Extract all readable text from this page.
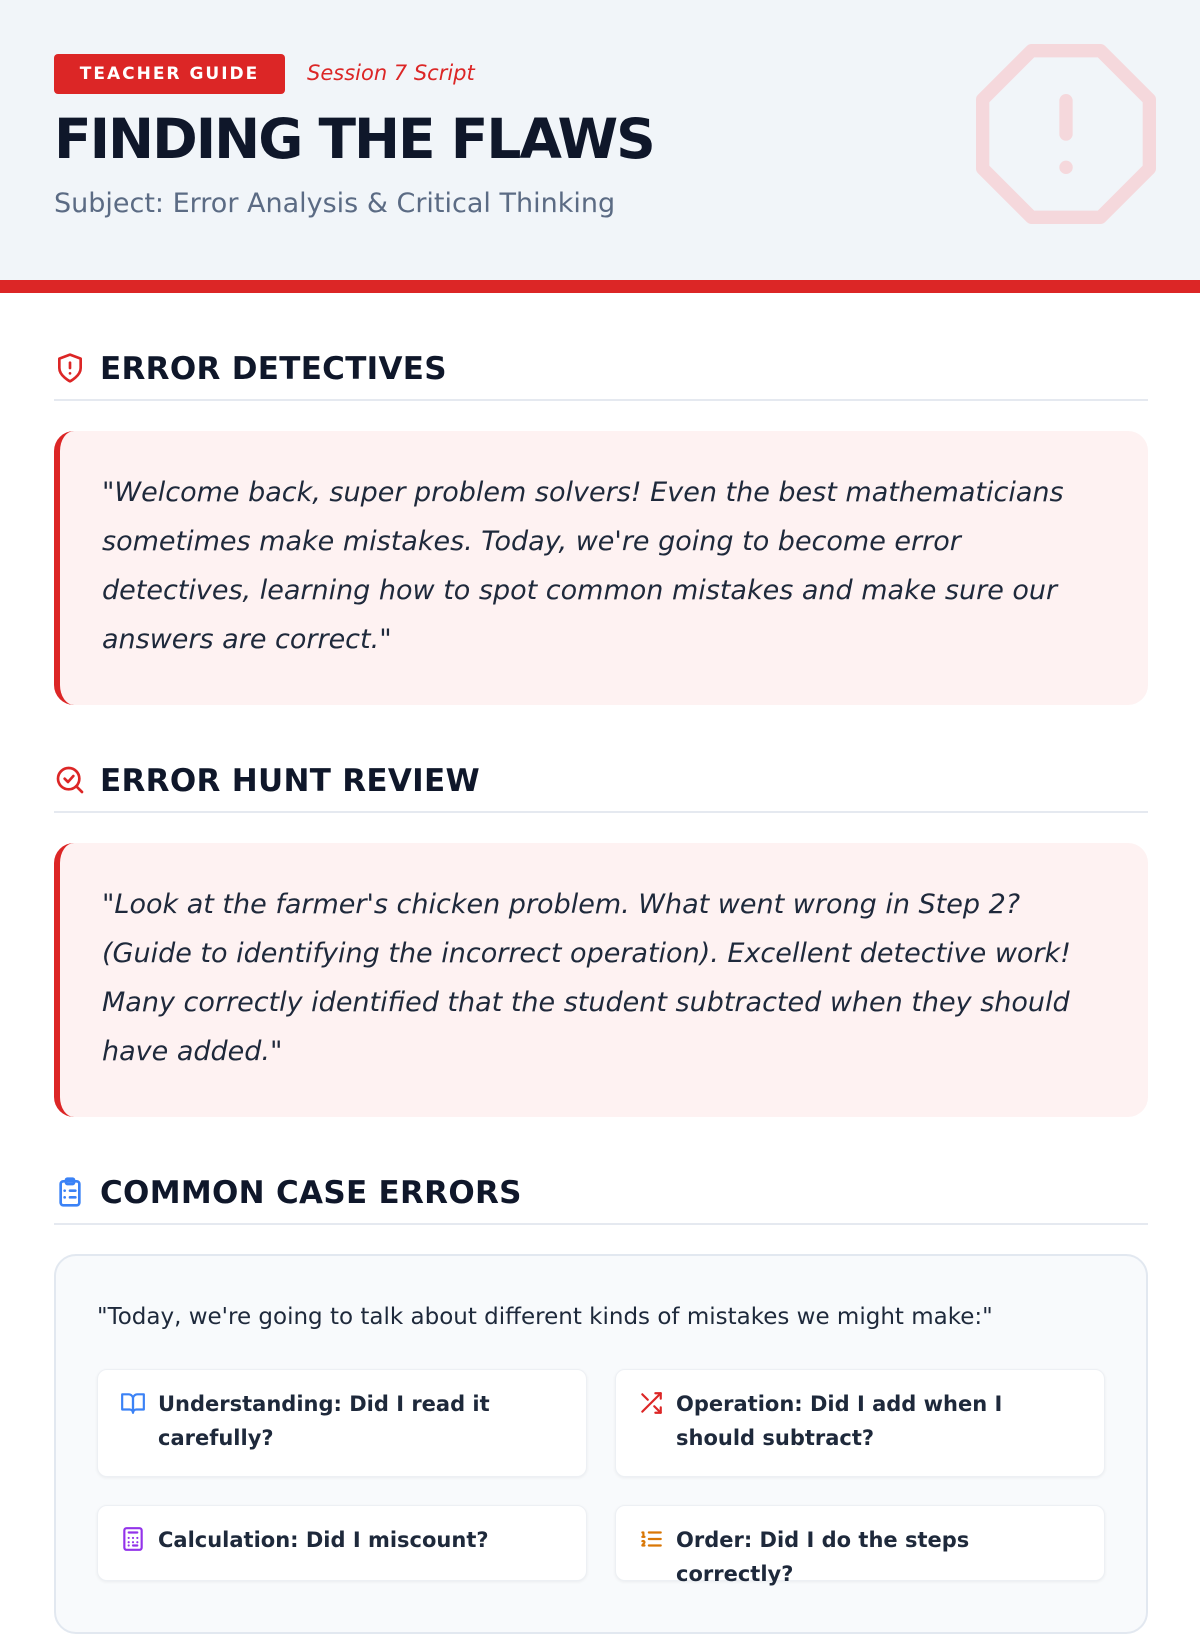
TEACHER GUIDE	Session 7 Script
FINDING THE FLAWS
Subject: Error Analysis & Critical Thinking
ERROR DETECTIVES

"Welcome back, super problem solvers! Even the best mathematicians sometimes make mistakes. Today, we're going to become error detectives, learning how to spot common mistakes and make sure our answers are correct."

ERROR HUNT REVIEW

"Look at the farmer's chicken problem. What went wrong in Step 2? (Guide to identifying the incorrect operation). Excellent detective work! Many correctly identified that the student subtracted when they should have added."

COMMON CASE ERRORS
"Today, we're going to talk about different kinds of mistakes we might make:"
Understanding: Did I read it carefully?
Operation: Did I add when I should subtract?
Calculation: Did I miscount?	Order: Did I do the steps correctly?
